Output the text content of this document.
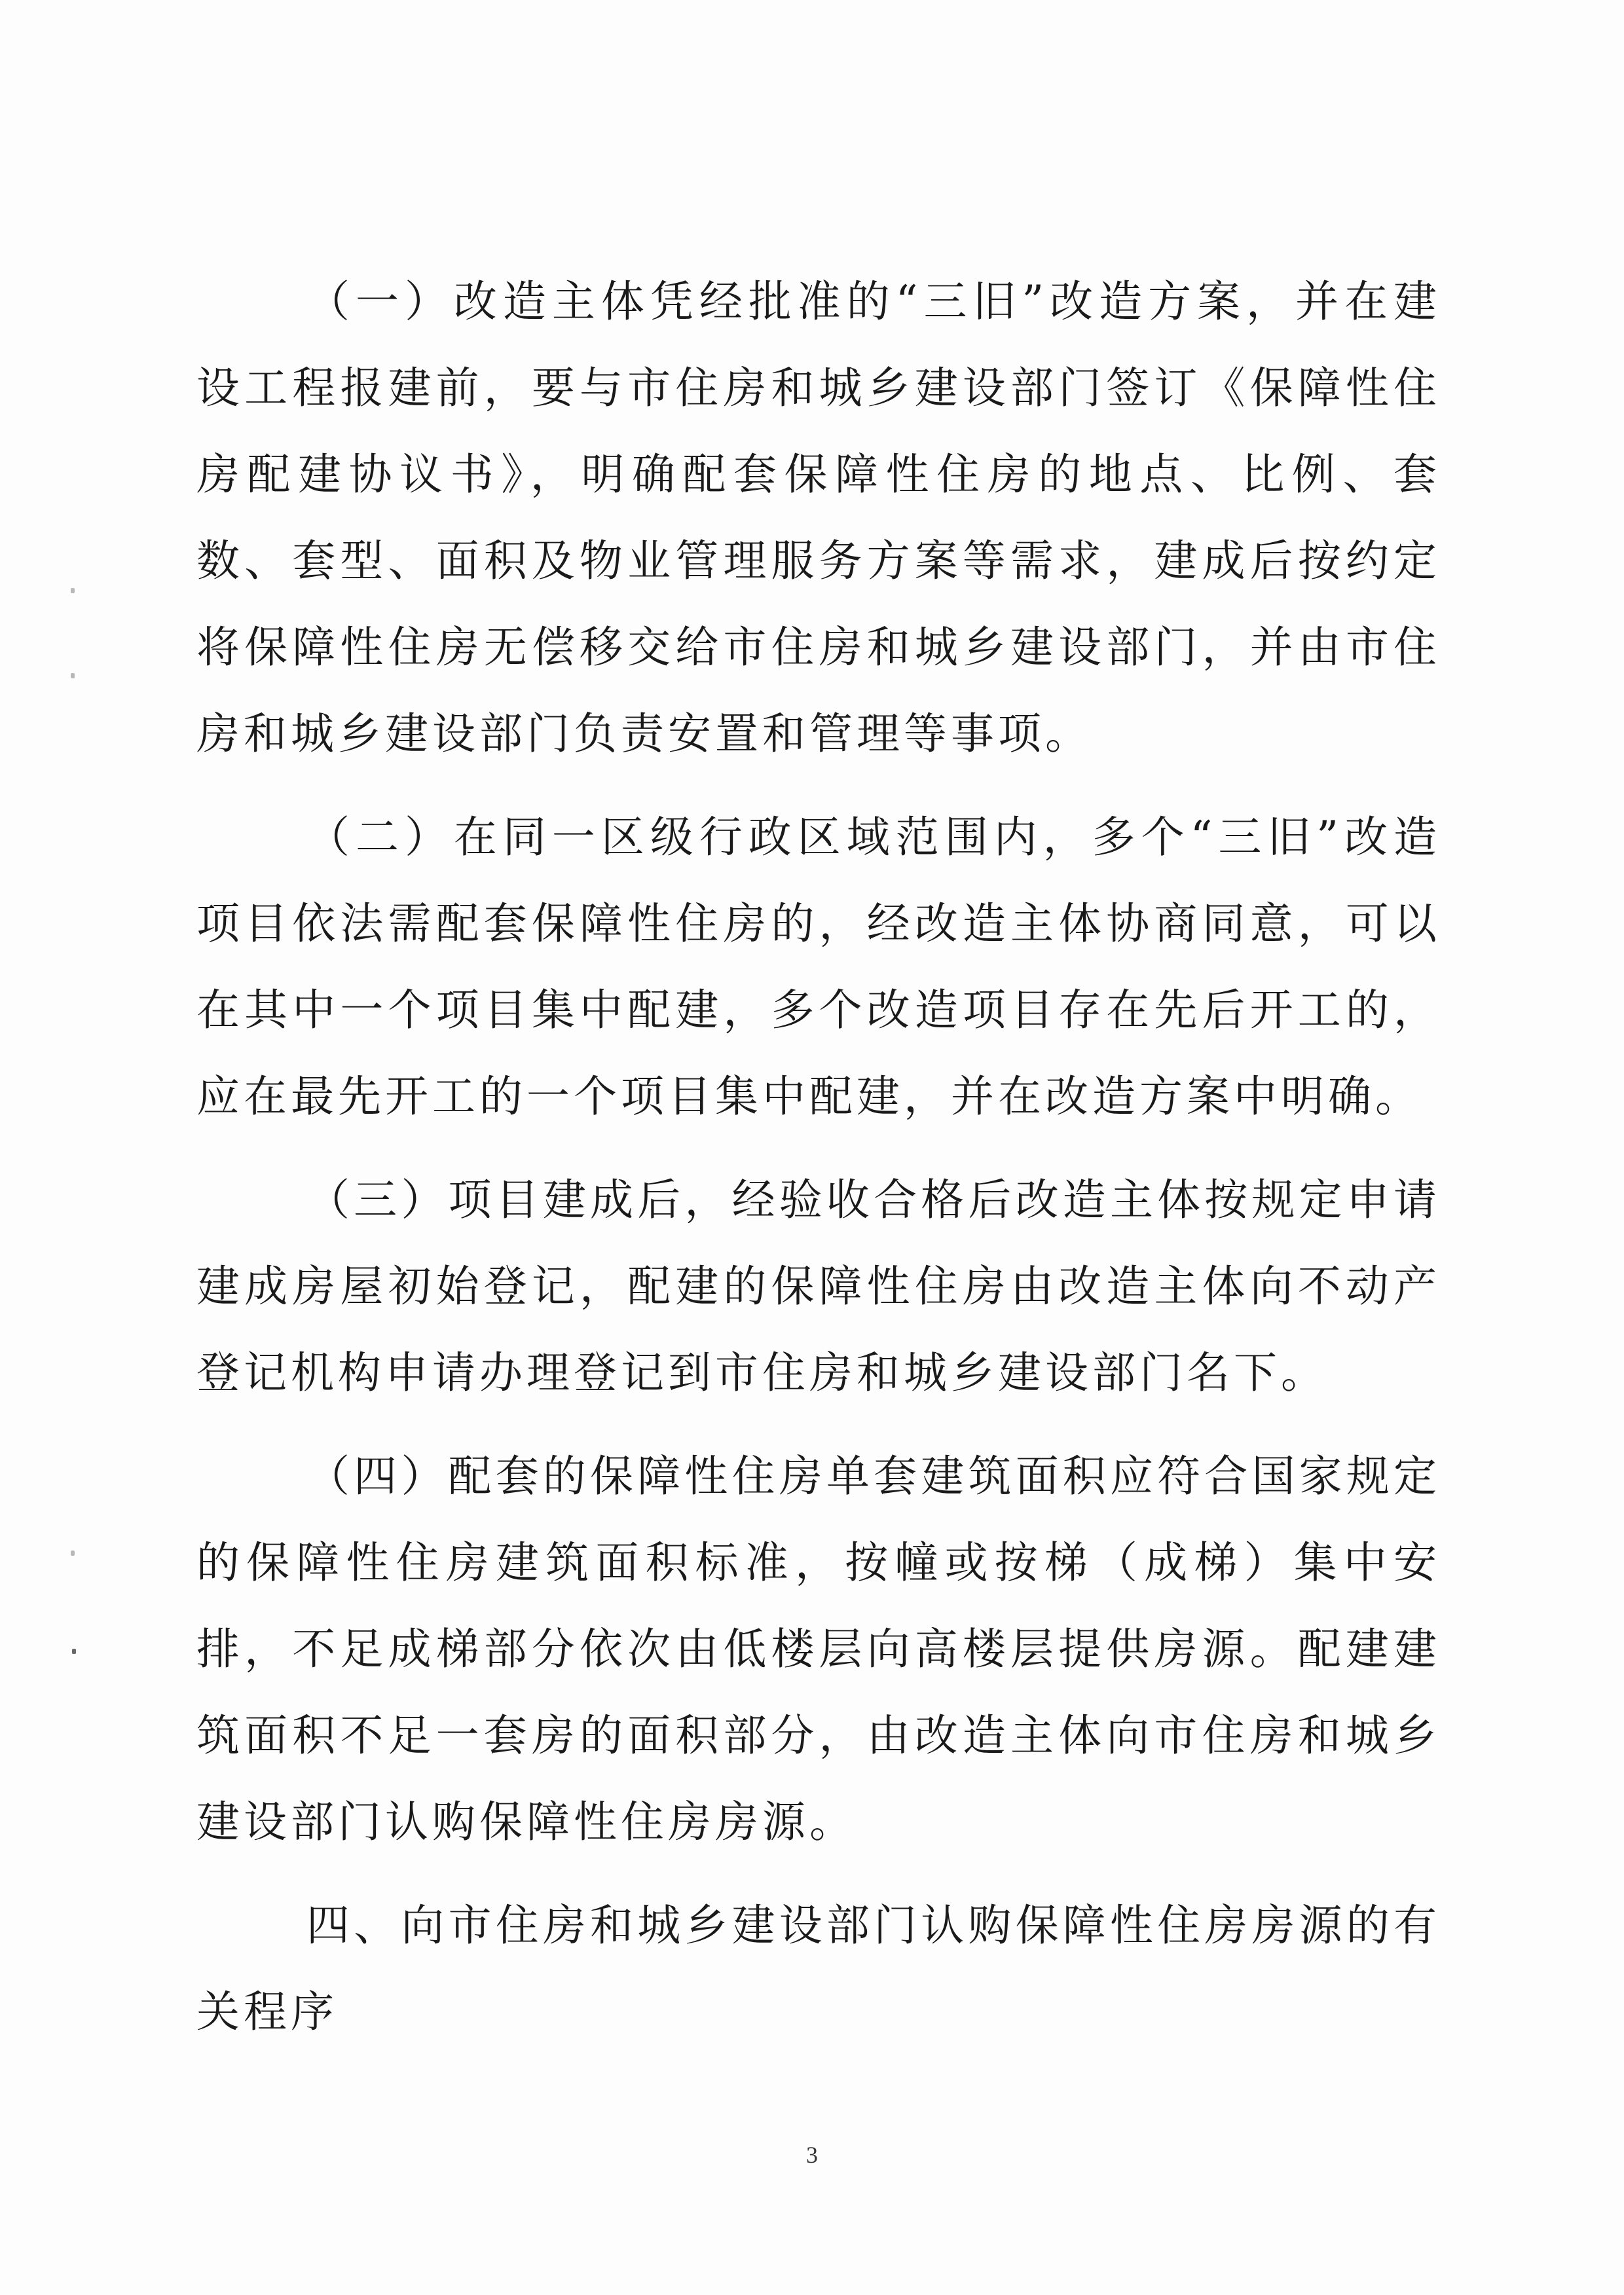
（一）改造主体凭经批准的“三旧”改造方案，并在建设工程报建前，要与市住房和城乡建设部门签订《保障性住房配建协议书》，明确配套保障性住房的地点、比例、套数、套型、面积及物业管理服务方案等需求，建成后按约定将保障性住房无偿移交给市住房和城乡建设部门，并由市住房和城乡建设部门负责安置和管理等事项。

（二）在同一区级行政区域范围内，多个“三旧”改造项目依法需配套保障性住房的，经改造主体协商同意，可以在其中一个项目集中配建，多个改造项目存在先后开工的，应在最先开工的一个项目集中配建，并在改造方案中明确。

（三）项目建成后，经验收合格后改造主体按规定申请建成房屋初始登记，配建的保障性住房由改造主体向不动产登记机构申请办理登记到市住房和城乡建设部门名下。

（四）配套的保障性住房单套建筑面积应符合国家规定的保障性住房建筑面积标准，按幢或按梯（成梯）集中安排，不足成梯部分依次由低楼层向高楼层提供房源。配建建筑面积不足一套房的面积部分，由改造主体向市住房和城乡建设部门认购保障性住房房源。

四、向市住房和城乡建设部门认购保障性住房房源的有关程序

3
